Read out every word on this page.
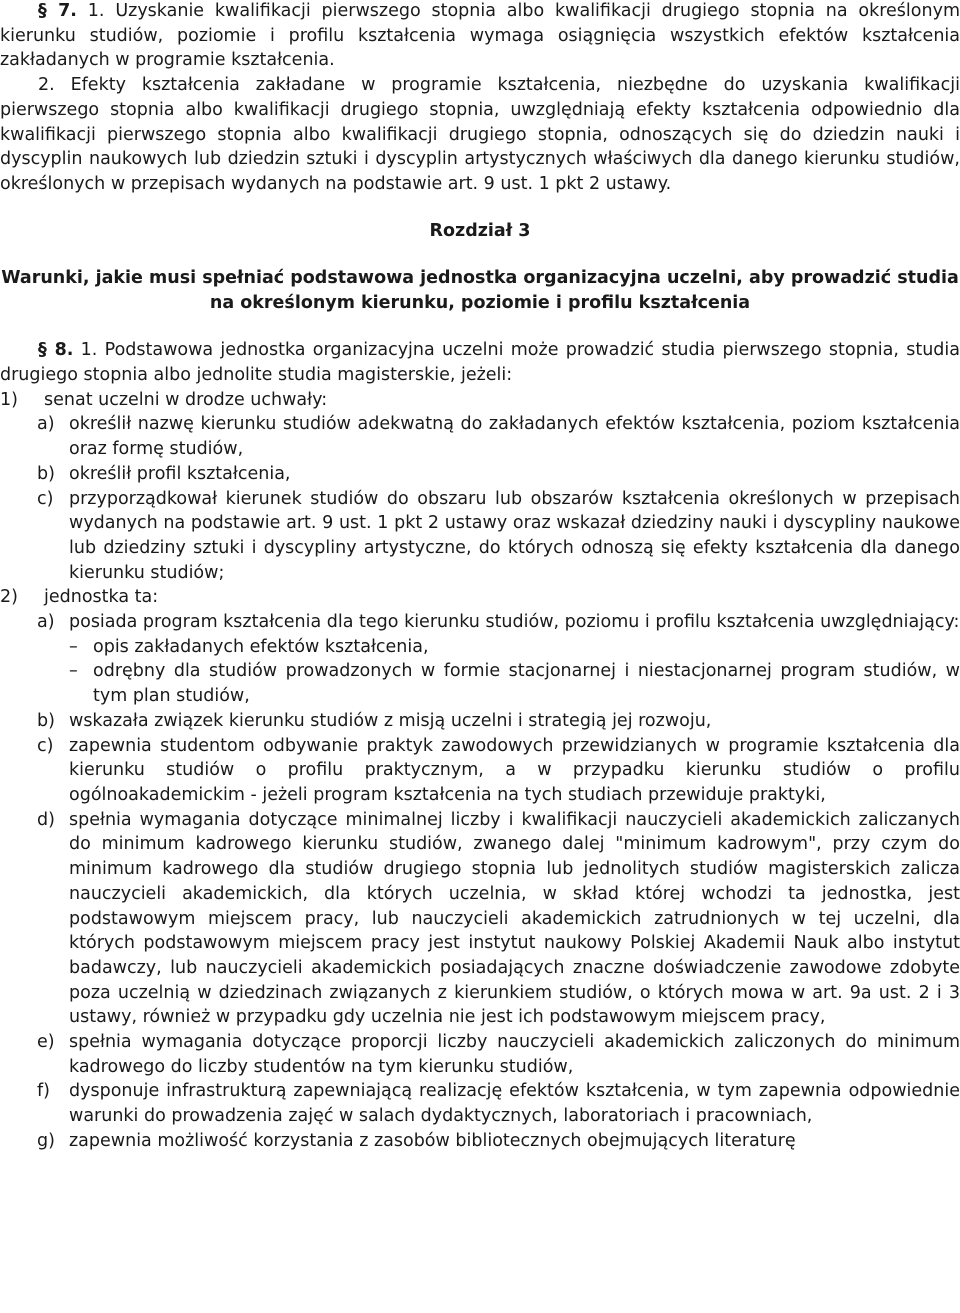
§ 7. 1. Uzyskanie kwalifikacji pierwszego stopnia albo kwalifikacji drugiego stopnia na określonym kierunku studiów, poziomie i profilu kształcenia wymaga osiągnięcia wszystkich efektów kształcenia zakładanych w programie kształcenia.

2. Efekty kształcenia zakładane w programie kształcenia, niezbędne do uzyskania kwalifikacji pierwszego stopnia albo kwalifikacji drugiego stopnia, uwzględniają efekty kształcenia odpowiednio dla kwalifikacji pierwszego stopnia albo kwalifikacji drugiego stopnia, odnoszących się do dziedzin nauki i dyscyplin naukowych lub dziedzin sztuki i dyscyplin artystycznych właściwych dla danego kierunku studiów, określonych w przepisach wydanych na podstawie art. 9 ust. 1 pkt 2 ustawy.

Rozdział 3
Warunki, jakie musi spełniać podstawowa jednostka organizacyjna uczelni, aby prowadzić studia na określonym kierunku, poziomie i profilu kształcenia

§ 8. 1. Podstawowa jednostka organizacyjna uczelni może prowadzić studia pierwszego stopnia, studia drugiego stopnia albo jednolite studia magisterskie, jeżeli:

1)	senat uczelni w drodze uchwały:
a) określił nazwę kierunku studiów adekwatną do zakładanych efektów kształcenia, poziom kształcenia oraz formę studiów,
b) określił profil kształcenia,
c) przyporządkował kierunek studiów do obszaru lub obszarów kształcenia określonych w przepisach wydanych na podstawie art. 9 ust. 1 pkt 2 ustawy oraz wskazał dziedziny nauki i dyscypliny naukowe lub dziedziny sztuki i dyscypliny artystyczne, do których odnoszą się efekty kształcenia dla danego kierunku studiów;
2)	jednostka ta:
a) posiada program kształcenia dla tego kierunku studiów, poziomu i profilu kształcenia uwzględniający:
– opis zakładanych efektów kształcenia,
– odrębny dla studiów prowadzonych w formie stacjonarnej i niestacjonarnej program studiów, w tym plan studiów,
b) wskazała związek kierunku studiów z misją uczelni i strategią jej rozwoju,
c) zapewnia studentom odbywanie praktyk zawodowych przewidzianych w programie kształcenia dla kierunku studiów o profilu praktycznym, a w przypadku kierunku studiów o profilu ogólnoakademickim - jeżeli program kształcenia na tych studiach przewiduje praktyki,
d) spełnia wymagania dotyczące minimalnej liczby i kwalifikacji nauczycieli akademickich zaliczanych do minimum kadrowego kierunku studiów, zwanego dalej "minimum kadrowym", przy czym do minimum kadrowego dla studiów drugiego stopnia lub jednolitych studiów magisterskich zalicza nauczycieli akademickich, dla których uczelnia, w skład której wchodzi ta jednostka, jest podstawowym miejscem pracy, lub nauczycieli akademickich zatrudnionych w tej uczelni, dla których podstawowym miejscem pracy jest instytut naukowy Polskiej Akademii Nauk albo instytut badawczy, lub nauczycieli akademickich posiadających znaczne doświadczenie zawodowe zdobyte poza uczelnią w dziedzinach związanych z kierunkiem studiów, o których mowa w art. 9a ust. 2 i 3 ustawy, również w przypadku gdy uczelnia nie jest ich podstawowym miejscem pracy,
e) spełnia wymagania dotyczące proporcji liczby nauczycieli akademickich zaliczonych do minimum kadrowego do liczby studentów na tym kierunku studiów,
f)	dysponuje infrastrukturą zapewniającą realizację efektów kształcenia, w tym zapewnia odpowiednie warunki do prowadzenia zajęć w salach dydaktycznych, laboratoriach i pracowniach,
g) zapewnia możliwość korzystania z zasobów bibliotecznych obejmujących literaturę
